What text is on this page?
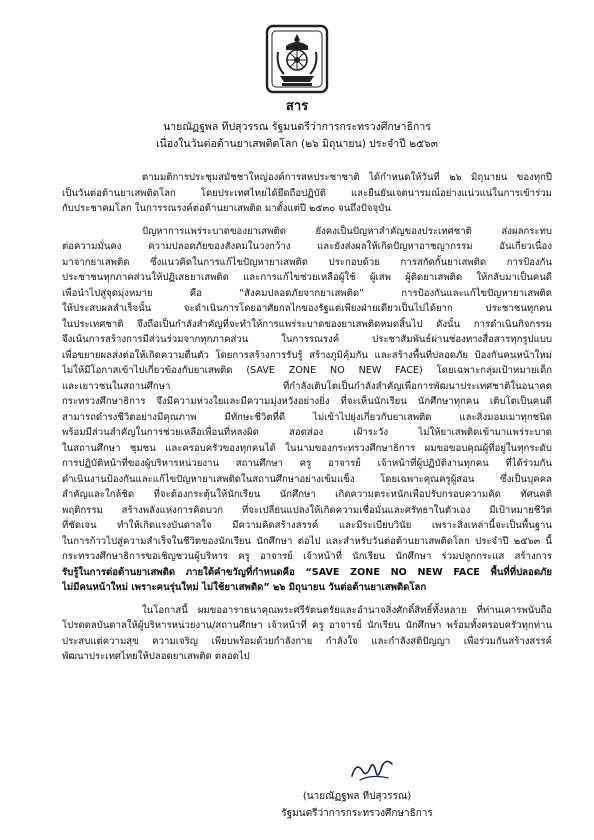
สาร
นายณัฏฐพล ทีปสุวรรณ รัฐมนตรีว่าการกระทรวงศึกษาธิการ
เนื่องในวันต่อต้านยาเสพติดโลก (๒๖ มิถุนายน) ประจำปี ๒๕๖๓
ตามมติการประชุมสมัชชาใหญ่องค์การสหประชาชาติ ได้กำหนดให้วันที่ ๒๖ มิถุนายน ของทุกปี
เป็นวันต่อต้านยาเสพติดโลก โดยประเทศไทยได้ยึดถือปฏิบัติ และยืนยันเจตนารมณ์อย่างแน่วแน่ในการเข้าร่วม
กับประชาคมโลก ในการรณรงค์ต่อต้านยาเสพติด มาตั้งแต่ปี ๒๕๓๐ จนถึงปัจจุบัน
ปัญหาการแพร่ระบาดของยาเสพติด ยังคงเป็นปัญหาสำคัญของประเทศชาติ ส่งผลกระทบ
ต่อความมั่นคง ความปลอดภัยของสังคมในวงกว้าง และยังส่งผลให้เกิดปัญหาอาชญากรรม อันเกี่ยวเนื่อง
มาจากยาเสพติด ซึ่งแนวคิดในการแก้ไขปัญหายาเสพติด ประกอบด้วย การสกัดกั้นยาเสพติด การป้องกัน
ประชาชนทุกภาคส่วนให้ปฏิเสธยาเสพติด และการแก้ไขช่วยเหลือผู้ใช้ ผู้เสพ ผู้ติดยาเสพติด ให้กลับมาเป็นคนดี
เพื่อนำไปสู่จุดมุ่งหมาย คือ “สังคมปลอดภัยจากยาเสพติด” การป้องกันและแก้ไขปัญหายาเสพติด
ให้ประสบผลสำเร็จนั้น จะดำเนินการโดยอาศัยกลไกของรัฐแต่เพียงฝ่ายเดียวเป็นไปได้ยาก ประชาชนทุกคน
ในประเทศชาติ จึงถือเป็นกำลังสำคัญที่จะทำให้การแพร่ระบาดของยาเสพติดหมดสิ้นไป ดังนั้น การดำเนินกิจกรรม
จึงเน้นการสร้างการมีส่วนร่วมจากทุกภาคส่วน ในการรณรงค์ ประชาสัมพันธ์ผ่านช่องทางสื่อสารทุกรูปแบบ
เพื่อขยายผลส่งต่อให้เกิดความตื่นตัว โดยการสร้างการรับรู้ สร้างภูมิคุ้มกัน และสร้างพื้นที่ปลอดภัย ป้องกันคนหน้าใหม่
ไม่ให้มีโอกาสเข้าไปเกี่ยวข้องกับยาเสพติด (SAVE ZONE NO NEW FACE) โดยเฉพาะกลุ่มเป้าหมายเด็ก
และเยาวชนในสถานศึกษา ที่กำลังเติบโตเป็นกำลังสำคัญเพื่อการพัฒนาประเทศชาติในอนาคต
กระทรวงศึกษาธิการ จึงมีความห่วงใยและมีความมุ่งหวังอย่างยิ่ง ที่จะเห็นนักเรียน นักศึกษาทุกคน เติบโตเป็นคนดี
สามารถดำรงชีวิตอย่างมีคุณภาพ มีทักษะชีวิตที่ดี ไม่เข้าไปยุ่งเกี่ยวกับยาเสพติด และสิ่งมอมเมาทุกชนิด
พร้อมมีส่วนสำคัญในการช่วยเหลือเพื่อนที่หลงผิด สอดส่อง เฝ้าระวัง ไม่ให้ยาเสพติดเข้ามาแพร่ระบาด
ในสถานศึกษา ชุมชน และครอบครัวของทุกคนได้ ในนามของกระทรวงศึกษาธิการ ผมขอขอบคุณผู้ที่อยู่ในทุกระดับ
การปฏิบัติหน้าที่ของผู้บริหารหน่วยงาน สถานศึกษา ครู อาจารย์ เจ้าหน้าที่ผู้ปฏิบัติงานทุกคน ที่ได้ร่วมกัน
ดำเนินงานป้องกันและแก้ไขปัญหายาเสพติดในสถานศึกษาอย่างเข้มแข็ง โดยเฉพาะคุณครูผู้สอน ซึ่งเป็นบุคคล
สำคัญและใกล้ชิด ที่จะต้องกระตุ้นให้นักเรียน นักศึกษา เกิดความตระหนักเพื่อปรับกรอบความคิด ทัศนคติ
พฤติกรรม สร้างพลังแห่งการคิดบวก ที่จะเปลี่ยนแปลงให้เกิดความเชื่อมั่นและศรัทธาในตัวเอง มีเป้าหมายชีวิต
ที่ชัดเจน ทำให้เกิดแรงบันดาลใจ มีความคิดสร้างสรรค์ และมีระเบียบวินัย เพราะสิ่งเหล่านี้จะเป็นพื้นฐาน
ในการก้าวไปสู่ความสำเร็จในชีวิตของนักเรียน นักศึกษา ต่อไป และสำหรับวันต่อต้านยาเสพติดโลก ประจำปี ๒๕๖๓ นี้
กระทรวงศึกษาธิการขอเชิญชวนผู้บริหาร ครู อาจารย์ เจ้าหน้าที่ นักเรียน นักศึกษา ร่วมปลูกกระแส สร้างการ
รับรู้ในการต่อต้านยาเสพติด ภายใต้คำขวัญที่กำหนดคือ “SAVE ZONE NO NEW FACE พื้นที่ที่ปลอดภัย
ไม่มีคนหน้าใหม่ เพราะคนรุ่นใหม่ ไม่ใช้ยาเสพติด” ๒๖ มิถุนายน วันต่อต้านยาเสพติดโลก
ในโอกาสนี้ ผมขออาราธนาคุณพระศรีรัตนตรัยและอำนาจสิ่งศักดิ์สิทธิ์ทั้งหลาย ที่ท่านเคารพนับถือ
โปรดดลบันดาลให้ผู้บริหารหน่วยงาน/สถานศึกษา เจ้าหน้าที่ ครู อาจารย์ นักเรียน นักศึกษา พร้อมทั้งครอบครัวทุกท่าน
ประสบแต่ความสุข ความเจริญ เพียบพร้อมด้วยกำลังกาย กำลังใจ และกำลังสติปัญญา เพื่อร่วมกันสร้างสรรค์
พัฒนาประเทศไทยให้ปลอดยาเสพติด ตลอดไป
(นายณัฏฐพล ทีปสุวรรณ)
รัฐมนตรีว่าการกระทรวงศึกษาธิการ
